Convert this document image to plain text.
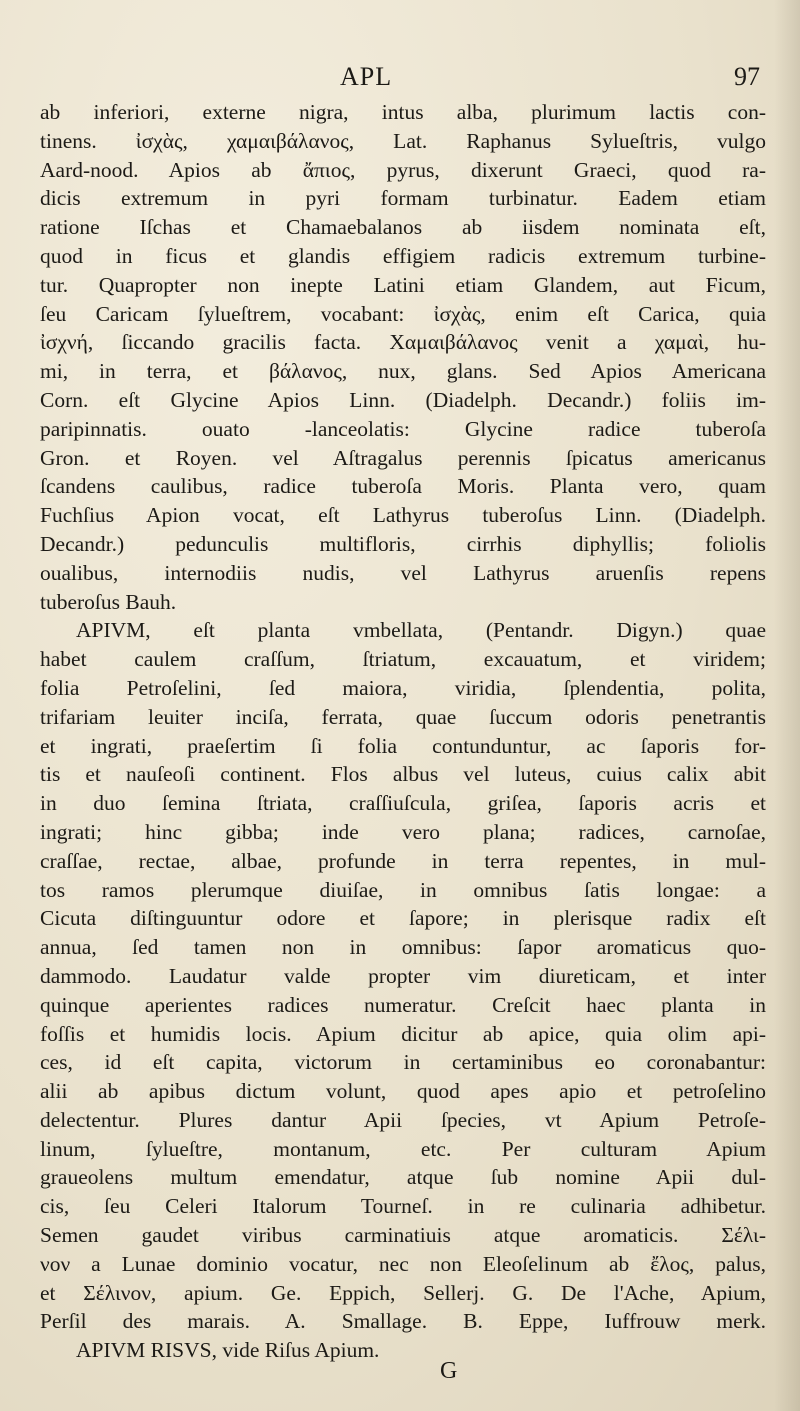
APL	97
ab inferiori, externe nigra, intus alba, plurimum lactis con-
tinens. ἰσχὰς, χαμαιβάλανος, Lat. Raphanus Sylueſtris, vulgo
Aard-nood. Apios ab ἄπιος, pyrus, dixerunt Graeci, quod ra-
dicis extremum in pyri formam turbinatur. Eadem etiam
ratione Iſchas et Chamaebalanos ab iisdem nominata eſt,
quod in ficus et glandis effigiem radicis extremum turbine-
tur. Quapropter non inepte Latini etiam Glandem, aut Ficum,
ſeu Caricam ſylueſtrem, vocabant: ἰσχὰς, enim eſt Carica, quia
ἰσχνή, ſiccando gracilis facta. Χαμαιβάλανος venit a χαμαὶ, hu-
mi, in terra, et βάλανος, nux, glans. Sed Apios Americana
Corn. eſt Glycine Apios Linn. (Diadelph. Decandr.) foliis im-
paripinnatis. ouato -lanceolatis: Glycine radice tuberoſa
Gron. et Royen. vel Aſtragalus perennis ſpicatus americanus
ſcandens caulibus, radice tuberoſa Moris. Planta vero, quam
Fuchſius Apion vocat, eſt Lathyrus tuberoſus Linn. (Diadelph.
Decandr.) pedunculis multifloris, cirrhis diphyllis; foliolis
oualibus, internodiis nudis, vel Lathyrus aruenſis repens
tuberoſus Bauh.
APIVM, eſt planta vmbellata, (Pentandr. Digyn.) quae
habet caulem craſſum, ſtriatum, excauatum, et viridem;
folia Petroſelini, ſed maiora, viridia, ſplendentia, polita,
trifariam leuiter inciſa, ferrata, quae ſuccum odoris penetrantis
et ingrati, praeſertim ſi folia contunduntur, ac ſaporis for-
tis et nauſeoſi continent. Flos albus vel luteus, cuius calix abit
in duo ſemina ſtriata, craſſiuſcula, griſea, ſaporis acris et
ingrati; hinc gibba; inde vero plana; radices, carnoſae,
craſſae, rectae, albae, profunde in terra repentes, in mul-
tos ramos plerumque diuiſae, in omnibus ſatis longae: a
Cicuta diſtinguuntur odore et ſapore; in plerisque radix eſt
annua, ſed tamen non in omnibus: ſapor aromaticus quo-
dammodo. Laudatur valde propter vim diureticam, et inter
quinque aperientes radices numeratur. Creſcit haec planta in
foſſis et humidis locis. Apium dicitur ab apice, quia olim api-
ces, id eſt capita, victorum in certaminibus eo coronabantur:
alii ab apibus dictum volunt, quod apes apio et petroſelino
delectentur. Plures dantur Apii ſpecies, vt Apium Petroſe-
linum, ſylueſtre, montanum, etc. Per culturam Apium
graueolens multum emendatur, atque ſub nomine Apii dul-
cis, ſeu Celeri Italorum Tourneſ. in re culinaria adhibetur.
Semen gaudet viribus carminatiuis atque aromaticis. Σέλι-
νον a Lunae dominio vocatur, nec non Eleoſelinum ab ἔλος, palus,
et Σέλινον, apium. Ge. Eppich, Sellerj. G. De l'Ache, Apium,
Perſil des marais. A. Smallage. B. Eppe, Iuffrouw merk.
APIVM RISVS, vide Riſus Apium.
G
